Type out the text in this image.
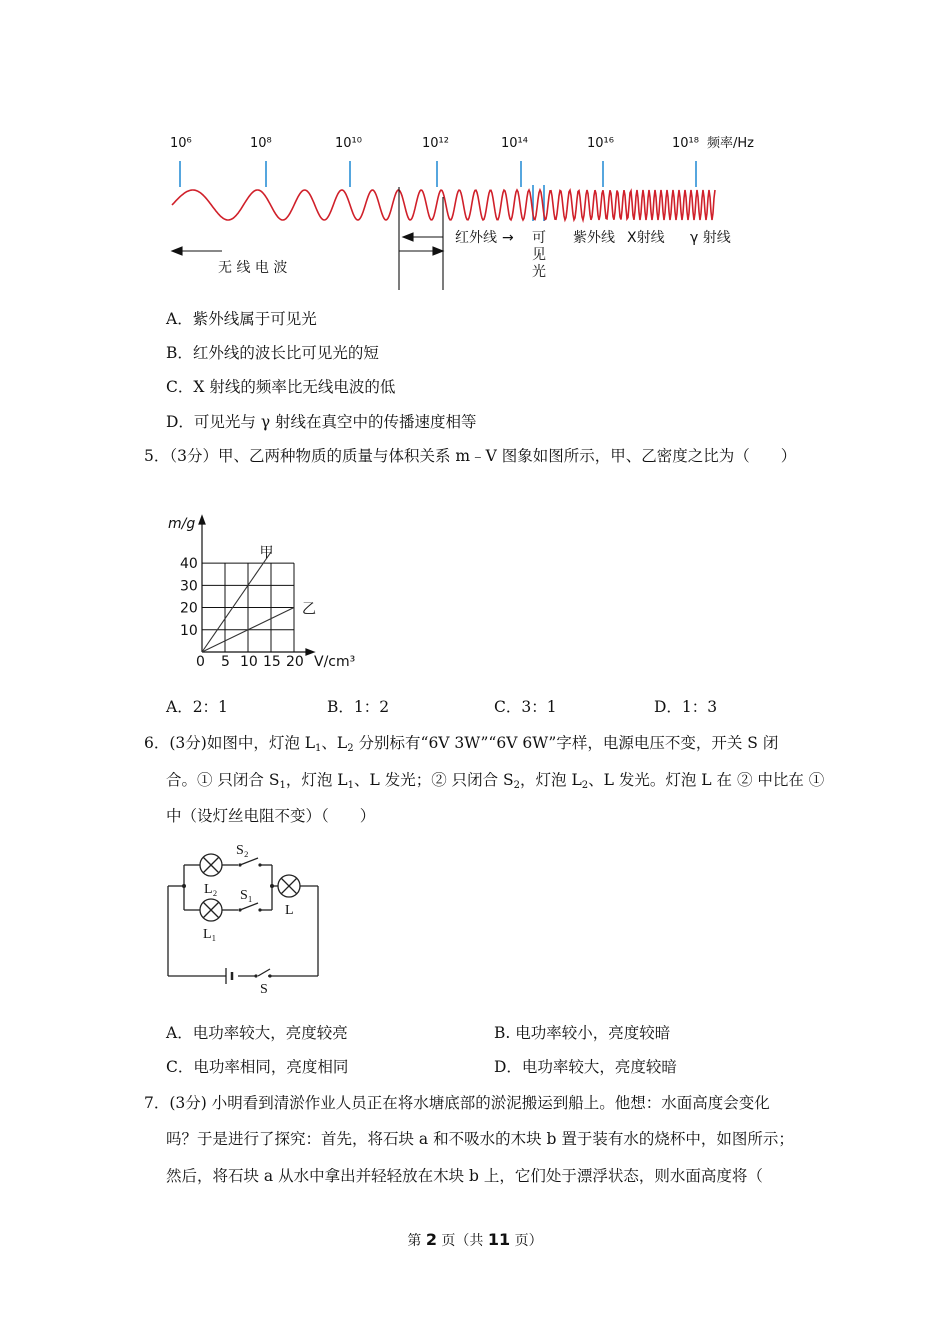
10⁶	10⁸	10¹⁰	10¹²	10¹⁴	10¹⁶	10¹⁸ 频率/Hz
无 线 电 波
红外线 → 可
见
光
紫外线 X射线 γ 射线
A．紫外线属于可见光
B．红外线的波长比可见光的短
C．X 射线的频率比无线电波的低
D．可见光与 γ 射线在真空中的传播速度相等
5．（3分）甲、乙两种物质的质量与体积关系 m﹣V 图象如图所示，甲、乙密度之比为（　　）
0 5 10 15 20
10
20
30
40
m/g
V/cm³
甲
乙
A．2：1	B．1：2	C．3：1	D．1：3
6．(3分)如图中，灯泡 $L_1$、$L_2$ 分别标有“6V 3W”“6V 6W”字样，电源电压不变，开关 S 闭
合。① 只闭合 $S_1$，灯泡 $L_1$、L 发光；② 只闭合 $S_2$，灯泡 $L_2$、L 发光。灯泡 L 在 ② 中比在 ①
中（设灯丝电阻不变）（　　）
S₂
L₂ S₁
L₁
L
S
A．电功率较大，亮度较亮	B. 电功率较小，亮度较暗
C．电功率相同，亮度相同	D．电功率较大，亮度较暗
7．(3分) 小明看到清淤作业人员正在将水塘底部的淤泥搬运到船上。他想：水面高度会变化
吗？于是进行了探究：首先，将石块 a 和不吸水的木块 b 置于装有水的烧杯中，如图所示；
然后，将石块 a 从水中拿出并轻轻放在木块 b 上，它们处于漂浮状态，则水面高度将（
第 2 页（共 11 页）
